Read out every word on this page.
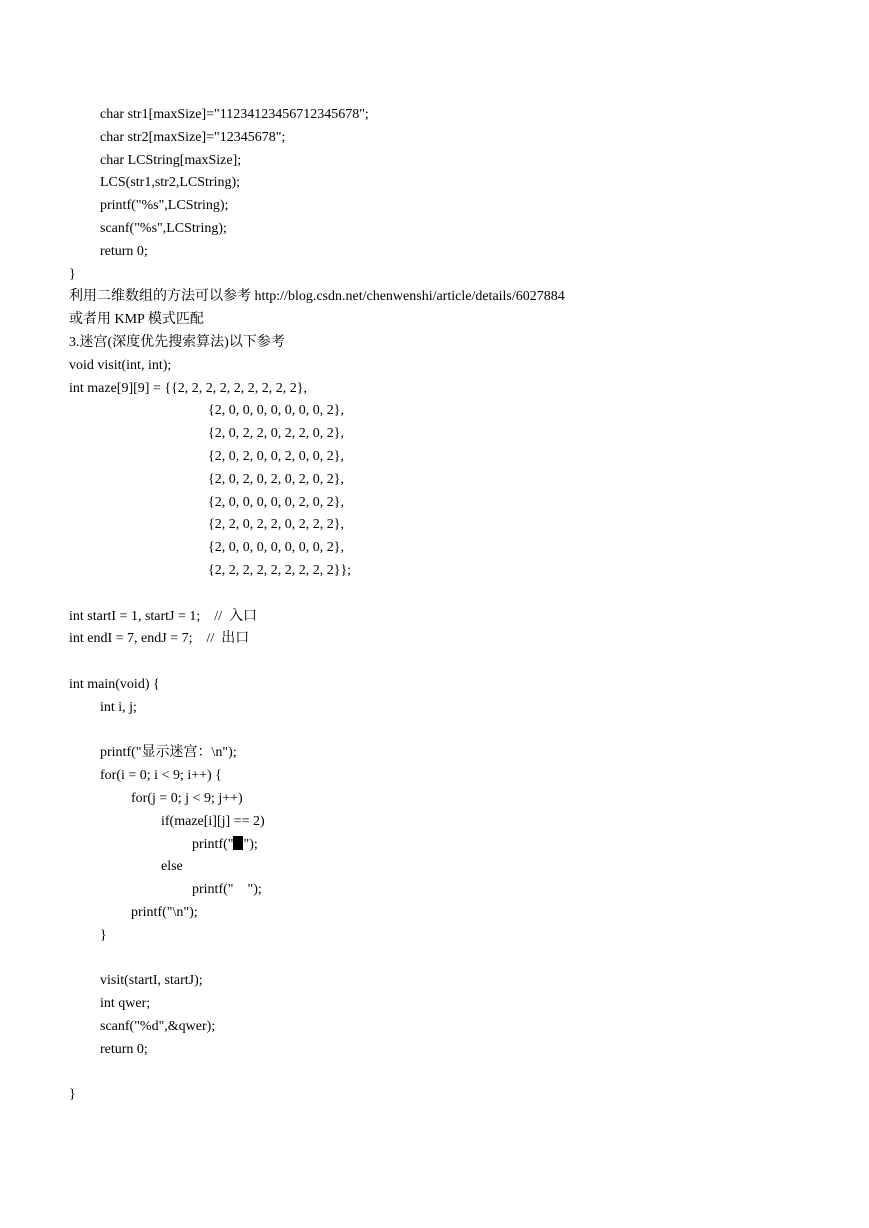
char str1[maxSize]="11234123456712345678";
char str2[maxSize]="12345678";
char LCString[maxSize];
LCS(str1,str2,LCString);
printf("%s",LCString);
scanf("%s",LCString);
return 0;
}
利用二维数组的方法可以参考 http://blog.csdn.net/chenwenshi/article/details/6027884
或者用 KMP 模式匹配
3.迷宫(深度优先搜索算法)以下参考
void visit(int, int);
int maze[9][9] = {{2, 2, 2, 2, 2, 2, 2, 2, 2},
{2, 0, 0, 0, 0, 0, 0, 0, 2},
{2, 0, 2, 2, 0, 2, 2, 0, 2},
{2, 0, 2, 0, 0, 2, 0, 0, 2},
{2, 0, 2, 0, 2, 0, 2, 0, 2},
{2, 0, 0, 0, 0, 0, 2, 0, 2},
{2, 2, 0, 2, 2, 0, 2, 2, 2},
{2, 0, 0, 0, 0, 0, 0, 0, 2},
{2, 2, 2, 2, 2, 2, 2, 2, 2}};
int startI = 1, startJ = 1;    //  入口
int endI = 7, endJ = 7;    //  出口
int main(void) {
int i, j;
printf("显示迷宫：\n");
for(i = 0; i < 9; i++) {
for(j = 0; j < 9; j++)
if(maze[i][j] == 2)
printf(" ");
else
printf("    ");
printf("\n");
}
visit(startI, startJ);
int qwer;
scanf("%d",&qwer);
return 0;
}
